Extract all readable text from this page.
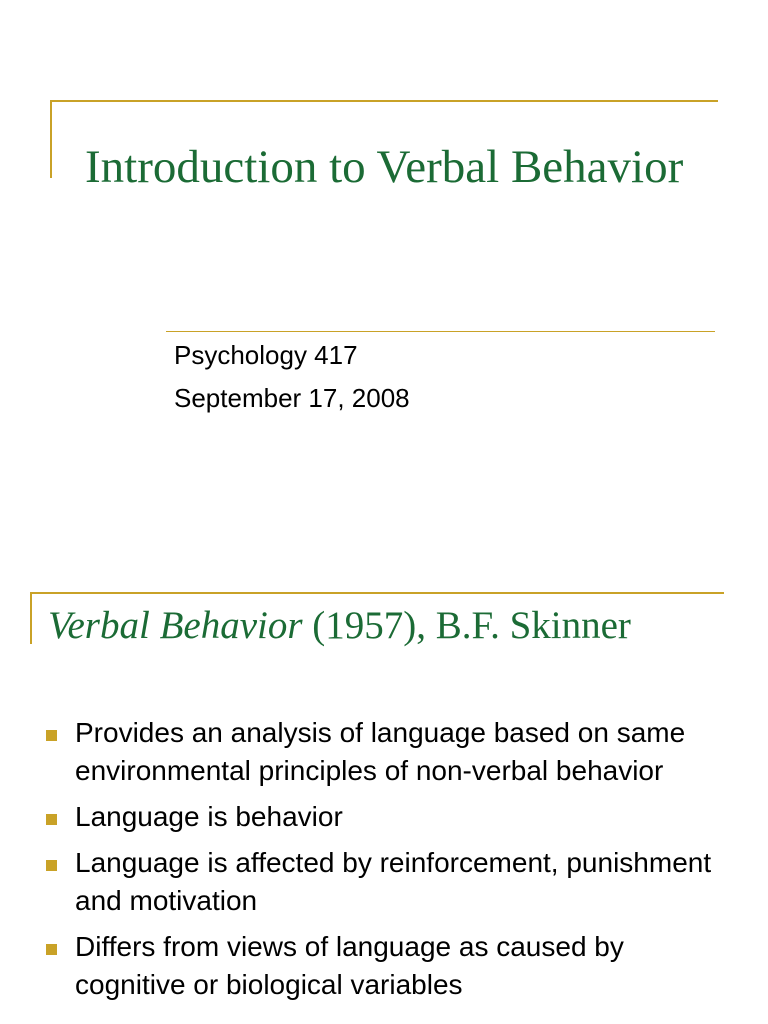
Introduction to Verbal Behavior
Psychology 417
September 17, 2008
Verbal Behavior (1957), B.F. Skinner
Provides an analysis of language based on same environmental principles of non-verbal behavior
Language is behavior
Language is affected by reinforcement, punishment and motivation
Differs from views of language as caused by cognitive or biological variables
